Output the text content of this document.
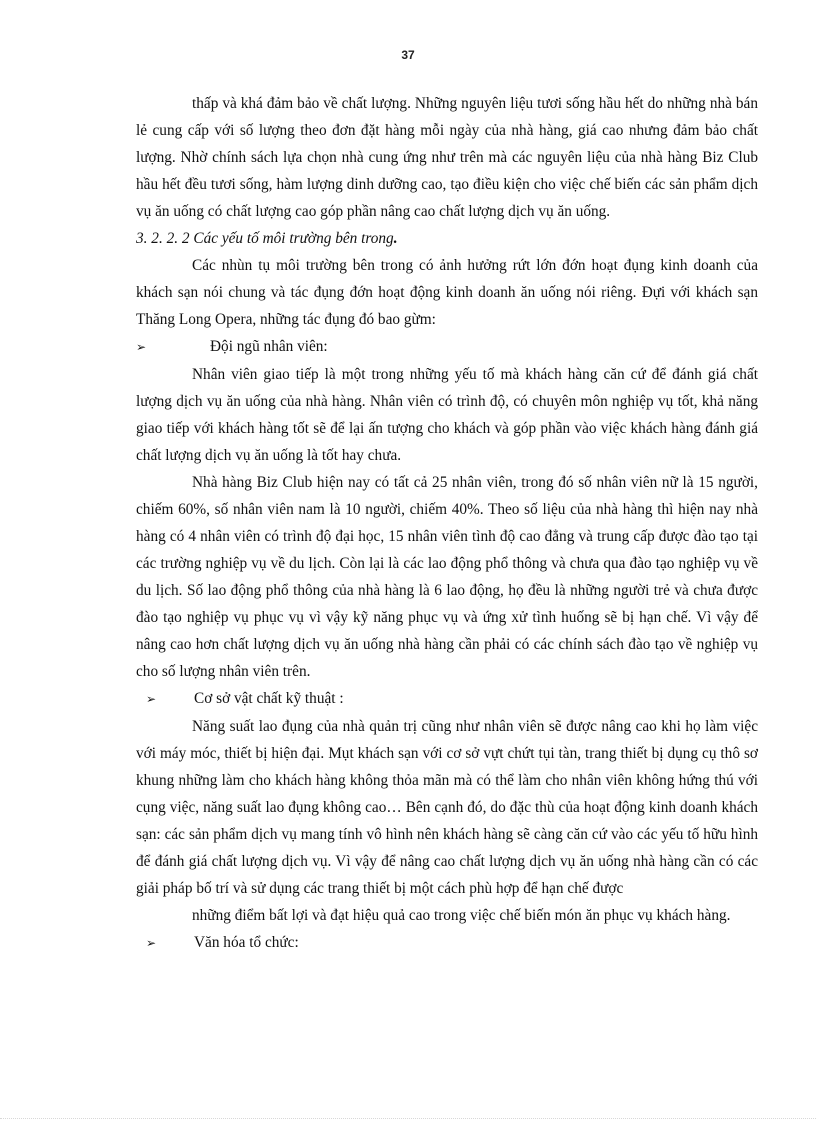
37

thấp và khá đảm bảo về chất lượng. Những nguyên liệu tươi sống hầu hết do những nhà bán lẻ cung cấp với số lượng theo đơn đặt hàng mỗi ngày của nhà hàng, giá cao nhưng đảm bảo chất lượng. Nhờ chính sách lựa chọn nhà cung ứng như trên mà các nguyên liệu của nhà hàng Biz Club hầu hết đều tươi sống, hàm lượng dinh dưỡng cao, tạo điều kiện cho việc chế biến các sản phẩm dịch vụ ăn uống có chất lượng cao góp phần nâng cao chất lượng dịch vụ ăn uống.

3. 2. 2. 2 Các yếu tố môi trường bên trong.

Các nhùn tụ môi trường bên trong có ảnh hưởng rứt lớn đớn hoạt đụng kinh doanh của khách sạn nói chung và tác đụng đớn hoạt động kinh doanh ăn uống nói riêng. Đựi với khách sạn Thăng Long Opera, những tác đụng đó bao gừm:

➢	Đội ngũ nhân viên:

Nhân viên giao tiếp là một trong những yếu tố mà khách hàng căn cứ để đánh giá chất lượng dịch vụ ăn uống của nhà hàng. Nhân viên có trình độ, có chuyên môn nghiệp vụ tốt, khả năng giao tiếp với khách hàng tốt sẽ để lại ấn tượng cho khách và góp phần vào việc khách hàng đánh giá chất lượng dịch vụ ăn uống là tốt hay chưa.

Nhà hàng Biz Club hiện nay có tất cả 25 nhân viên, trong đó số nhân viên nữ là 15 người, chiếm 60%, số nhân viên nam là 10 người, chiếm 40%. Theo số liệu của nhà hàng thì hiện nay nhà hàng có 4 nhân viên có trình độ đại học, 15 nhân viên tình độ cao đẳng và trung cấp được đào tạo tại các trường nghiệp vụ về du lịch. Còn lại là các lao động phổ thông và chưa qua đào tạo nghiệp vụ về du lịch. Số lao động phổ thông của nhà hàng là 6 lao động, họ đều là những người trẻ và chưa được đào tạo nghiệp vụ phục vụ vì vậy kỹ năng phục vụ và ứng xử tình huống sẽ bị hạn chế. Vì vậy để nâng cao hơn chất lượng dịch vụ ăn uống nhà hàng cần phải có các chính sách đào tạo về nghiệp vụ cho số lượng nhân viên trên.

➢ Cơ sở vật chất kỹ thuật :

Năng suất lao đụng của nhà quản trị cũng như nhân viên sẽ được nâng cao khi họ làm việc với máy móc, thiết bị hiện đại. Mụt khách sạn với cơ sở vựt chứt tụi tàn, trang thiết bị dụng cụ thô sơ khung những làm cho khách hàng không thỏa mãn mà có thể làm cho nhân viên không hứng thú với cụng việc, năng suất lao đụng không cao… Bên cạnh đó, do đặc thù của hoạt động kinh doanh khách sạn: các sản phẩm dịch vụ mang tính vô hình nên khách hàng sẽ càng căn cứ vào các yếu tố hữu hình để đánh giá chất lượng dịch vụ. Vì vậy để nâng cao chất lượng dịch vụ ăn uống nhà hàng cần có các giải pháp bố trí và sử dụng các trang thiết bị một cách phù hợp để hạn chế được

những điểm bất lợi và đạt hiệu quả cao trong việc chế biến món ăn phục vụ khách hàng.

➢ Văn hóa tổ chức:
